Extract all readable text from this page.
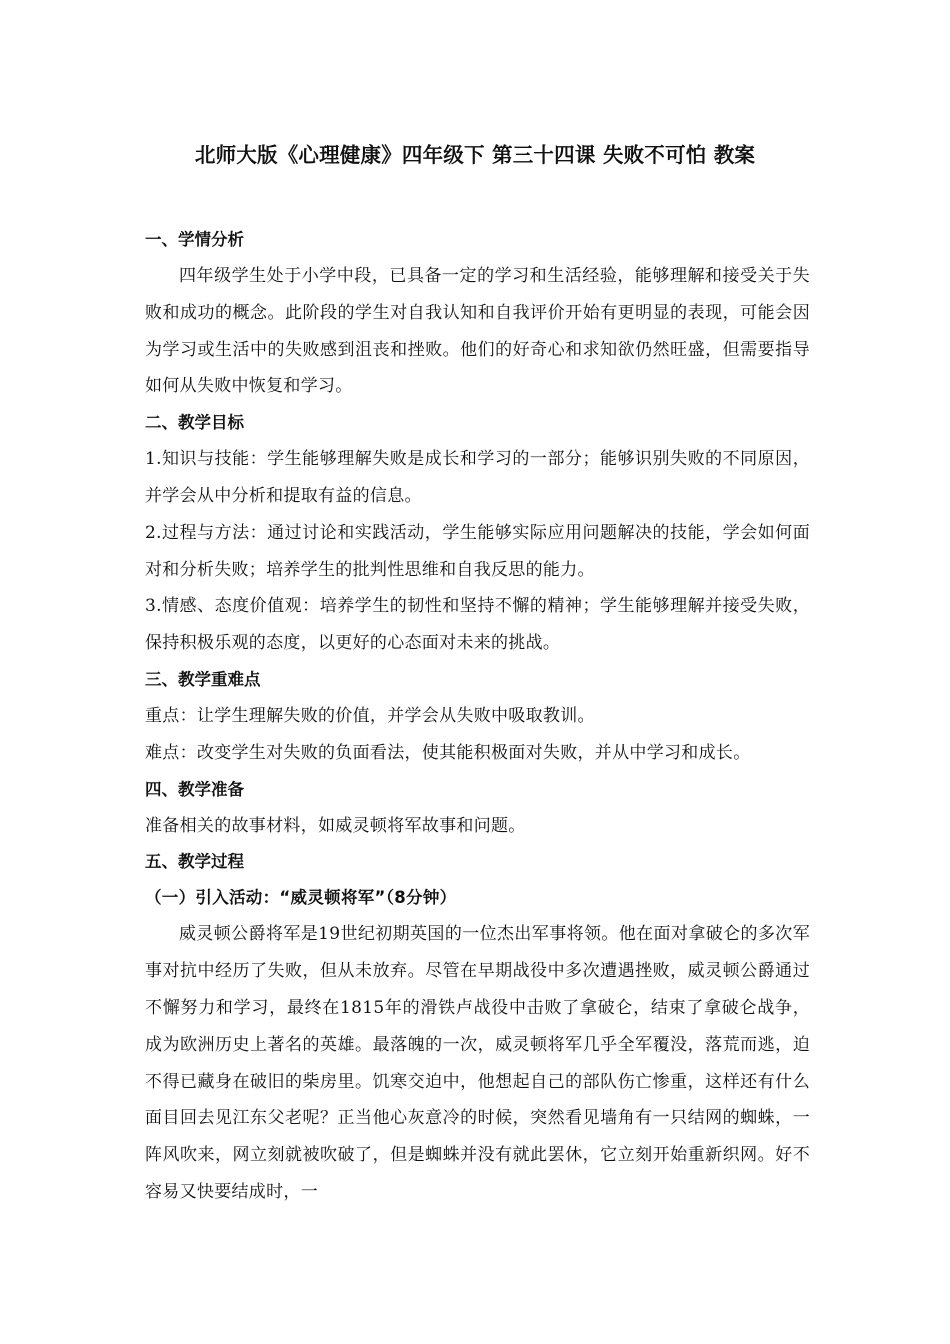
北师大版《心理健康》四年级下 第三十四课 失败不可怕 教案
一、学情分析

四年级学生处于小学中段，已具备一定的学习和生活经验，能够理解和接受关于失败和成功的概念。此阶段的学生对自我认知和自我评价开始有更明显的表现，可能会因为学习或生活中的失败感到沮丧和挫败。他们的好奇心和求知欲仍然旺盛，但需要指导如何从失败中恢复和学习。

二、教学目标

1.知识与技能：学生能够理解失败是成长和学习的一部分；能够识别失败的不同原因，并学会从中分析和提取有益的信息。

2.过程与方法：通过讨论和实践活动，学生能够实际应用问题解决的技能，学会如何面对和分析失败；培养学生的批判性思维和自我反思的能力。

3.情感、态度价值观：培养学生的韧性和坚持不懈的精神；学生能够理解并接受失败，保持积极乐观的态度，以更好的心态面对未来的挑战。

三、教学重难点

重点：让学生理解失败的价值，并学会从失败中吸取教训。

难点：改变学生对失败的负面看法，使其能积极面对失败，并从中学习和成长。

四、教学准备

准备相关的故事材料，如威灵顿将军故事和问题。

五、教学过程
（一）引入活动：“威灵顿将军”（8分钟）

威灵顿公爵将军是19世纪初期英国的一位杰出军事将领。他在面对拿破仑的多次军事对抗中经历了失败，但从未放弃。尽管在早期战役中多次遭遇挫败，威灵顿公爵通过不懈努力和学习，最终在1815年的滑铁卢战役中击败了拿破仑，结束了拿破仑战争，成为欧洲历史上著名的英雄。最落魄的一次，威灵顿将军几乎全军覆没，落荒而逃，迫不得已藏身在破旧的柴房里。饥寒交迫中，他想起自己的部队伤亡惨重，这样还有什么面目回去见江东父老呢？正当他心灰意冷的时候，突然看见墙角有一只结网的蜘蛛，一阵风吹来，网立刻就被吹破了，但是蜘蛛并没有就此罢休，它立刻开始重新织网。好不容易又快要结成时，一
